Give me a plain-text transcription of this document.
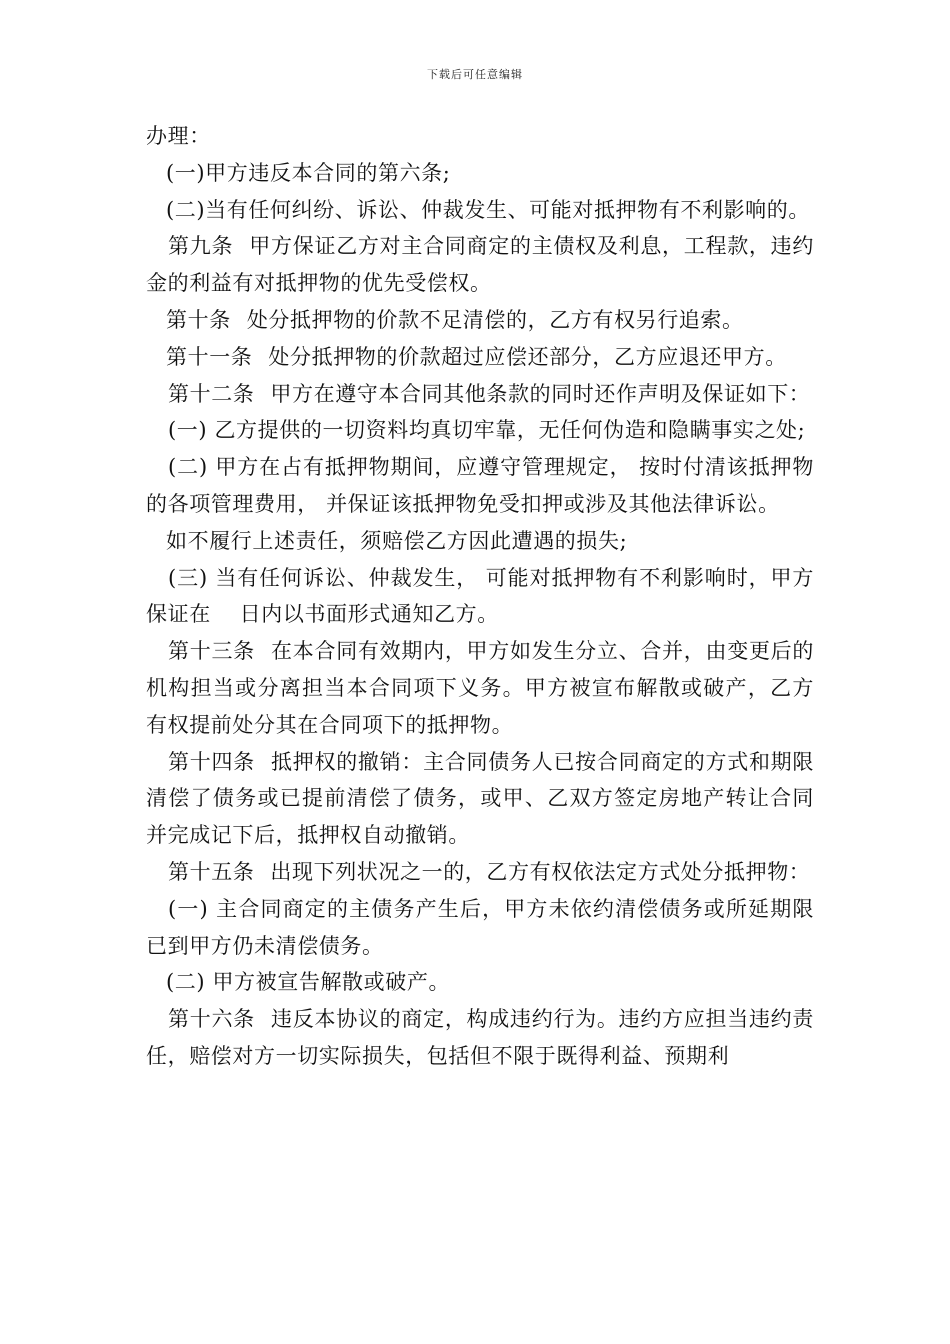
下载后可任意编辑

办理：

(一)甲方违反本合同的第六条;

(二)当有任何纠纷、诉讼、仲裁发生、可能对抵押物有不利影响的。

第九条 甲方保证乙方对主合同商定的主债权及利息，工程款，违约金的利益有对抵押物的优先受偿权。

第十条 处分抵押物的价款不足清偿的，乙方有权另行追索。

第十一条 处分抵押物的价款超过应偿还部分，乙方应退还甲方。

第十二条 甲方在遵守本合同其他条款的同时还作声明及保证如下：

(一) 乙方提供的一切资料均真切牢靠，无任何伪造和隐瞒事实之处;

(二) 甲方在占有抵押物期间，应遵守管理规定， 按时付清该抵押物的各项管理费用， 并保证该抵押物免受扣押或涉及其他法律诉讼。

如不履行上述责任，须赔偿乙方因此遭遇的损失;

(三) 当有任何诉讼、仲裁发生， 可能对抵押物有不利影响时，甲方保证在　 日内以书面形式通知乙方。

第十三条 在本合同有效期内，甲方如发生分立、合并，由变更后的机构担当或分离担当本合同项下义务。甲方被宣布解散或破产，乙方有权提前处分其在合同项下的抵押物。

第十四条 抵押权的撤销：主合同债务人已按合同商定的方式和期限清偿了债务或已提前清偿了债务，或甲、乙双方签定房地产转让合同并完成记下后，抵押权自动撤销。

第十五条 出现下列状况之一的，乙方有权依法定方式处分抵押物：

(一) 主合同商定的主债务产生后，甲方未依约清偿债务或所延期限已到甲方仍未清偿债务。

(二) 甲方被宣告解散或破产。

第十六条 违反本协议的商定，构成违约行为。违约方应担当违约责任，赔偿对方一切实际损失，包括但不限于既得利益、预期利
